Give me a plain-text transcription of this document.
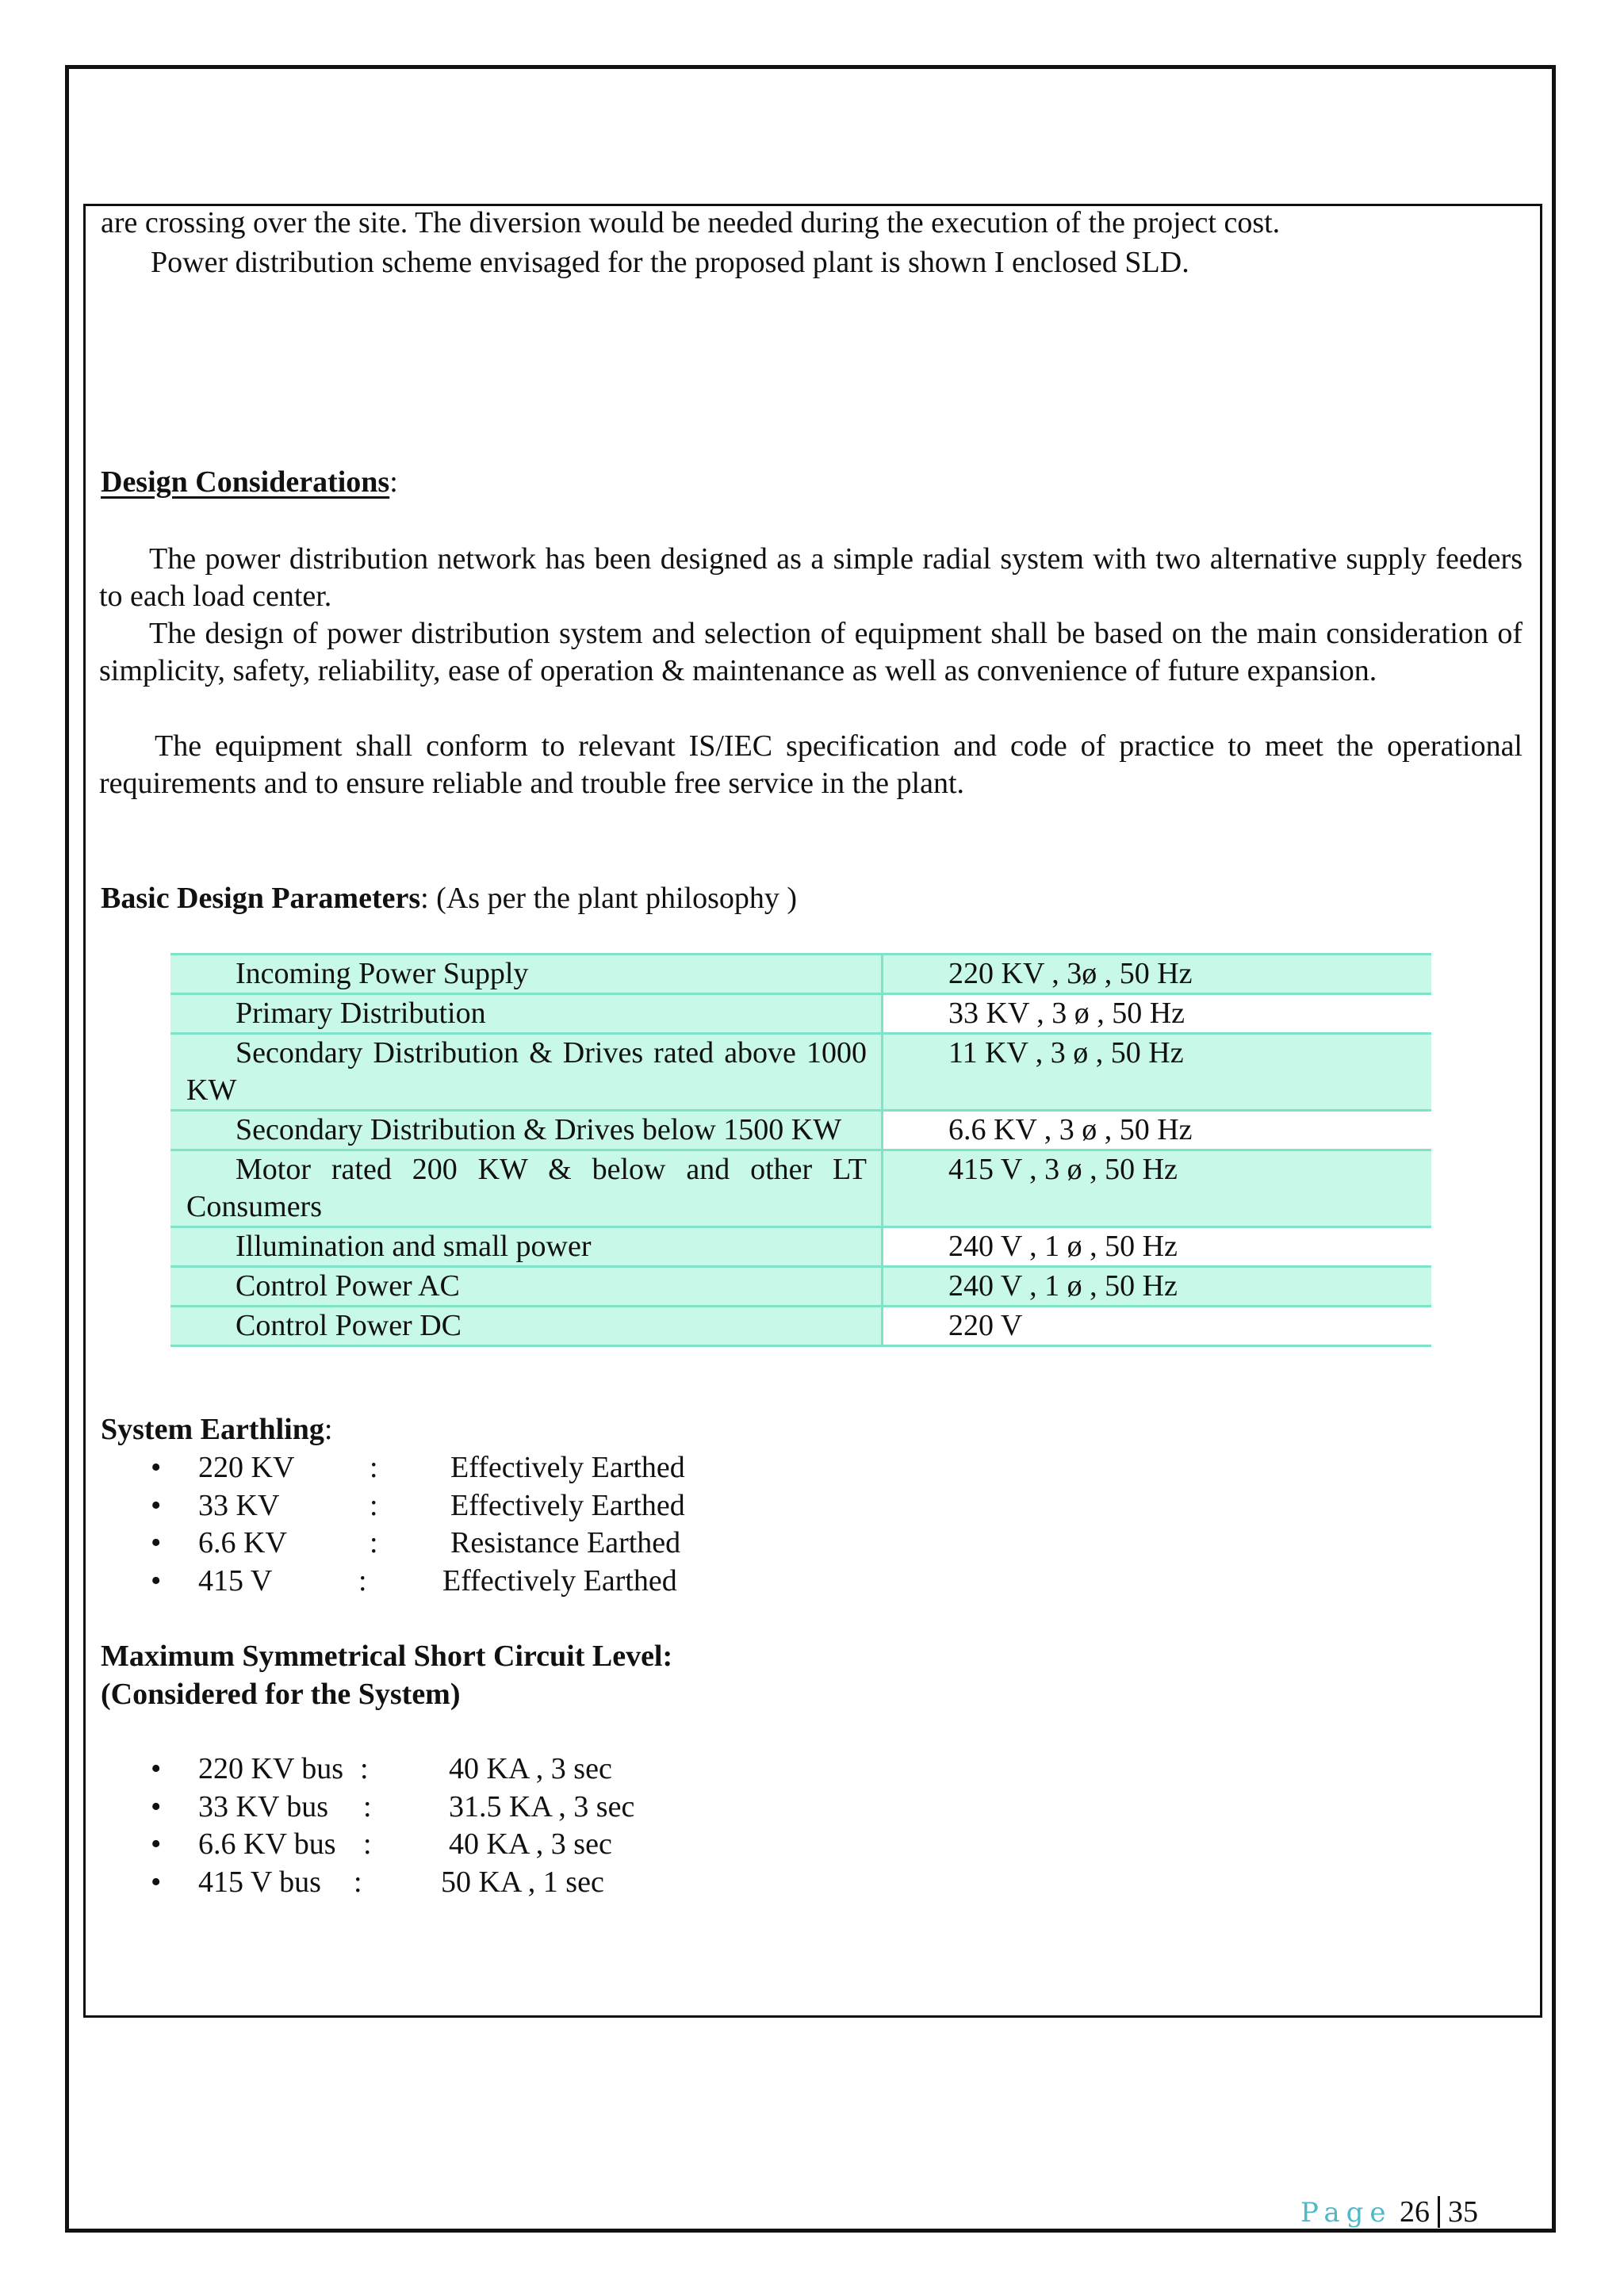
are crossing over the site. The diversion would be needed during the execution of the project cost.
Power distribution scheme envisaged for the proposed plant is shown I enclosed SLD.
Design Considerations:
The power distribution network has been designed as a simple radial system with two alternative supply feeders to each load center.
The design of power distribution system and selection of equipment shall be based on the main consideration of simplicity, safety, reliability, ease of operation & maintenance as well as convenience of future expansion.
The equipment shall conform to relevant IS/IEC specification and code of practice to meet the operational requirements and to ensure reliable and trouble free service in the plant.
Basic Design Parameters: (As per the plant philosophy )
Incoming Power Supply	220 KV , 3ø , 50 Hz
Primary Distribution	33 KV , 3 ø , 50 Hz
Secondary Distribution & Drives rated above 1000 KW	11 KV , 3 ø , 50 Hz
Secondary Distribution & Drives below 1500 KW	6.6 KV , 3 ø , 50 Hz
Motor rated 200 KW & below and other LT Consumers	415 V , 3 ø , 50 Hz
Illumination and small power	240 V , 1 ø , 50 Hz
Control Power AC	240 V , 1 ø , 50 Hz
Control Power DC	220 V
System Earthling:
• 220 KV : Effectively Earthed
• 33 KV	: Effectively Earthed
• 6.6 KV	: Resistance Earthed
• 415 V	:	Effectively Earthed
Maximum Symmetrical Short Circuit Level:
(Considered for the System)
• 220 KV bus :	40 KA , 3 sec
• 33 KV bus :	31.5 KA , 3 sec
• 6.6 KV bus :	40 KA , 3 sec
• 415 V bus :	50 KA , 1 sec
Page 26 35
